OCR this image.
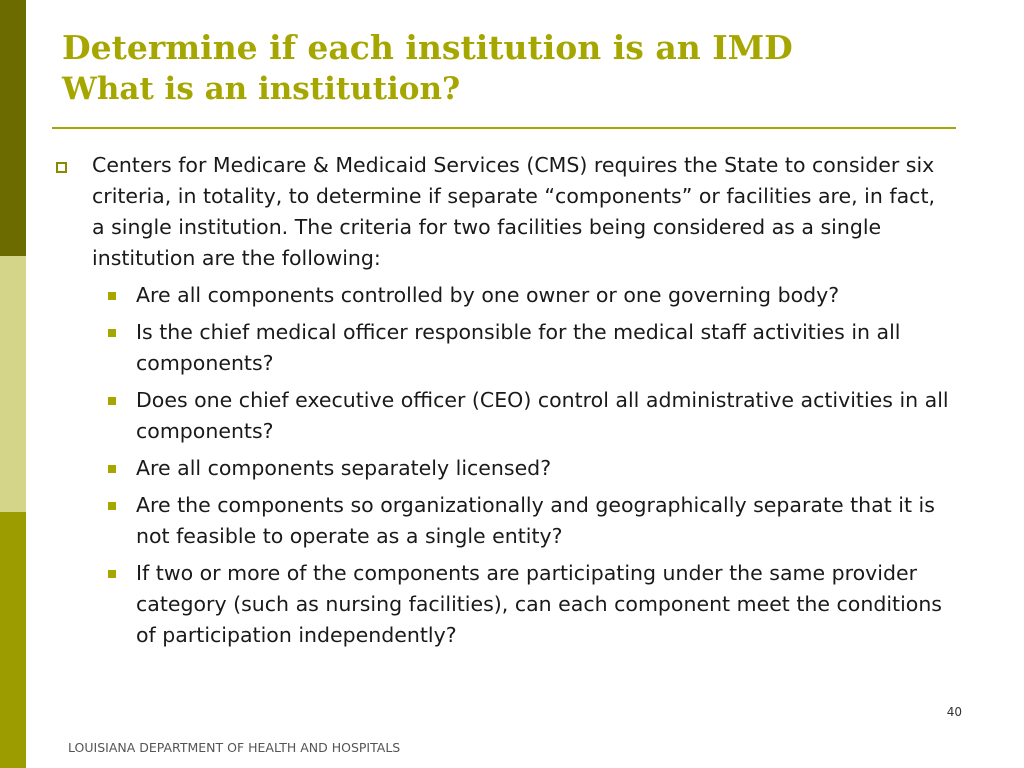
Determine if each institution is an IMD
What is an institution?

Centers for Medicare & Medicaid Services (CMS) requires the State to consider six criteria, in totality, to determine if separate “components” or facilities are, in fact, a single institution. The criteria for two facilities being considered as a single institution are the following:

Are all components controlled by one owner or one governing body?
Is the chief medical officer responsible for the medical staff activities in all components?
Does one chief executive officer (CEO) control all administrative activities in all components?
Are all components separately licensed?
Are the components so organizationally and geographically separate that it is not feasible to operate as a single entity?
If two or more of the components are participating under the same provider category (such as nursing facilities), can each component meet the conditions of participation independently?
40
LOUISIANA DEPARTMENT OF HEALTH AND HOSPITALS
